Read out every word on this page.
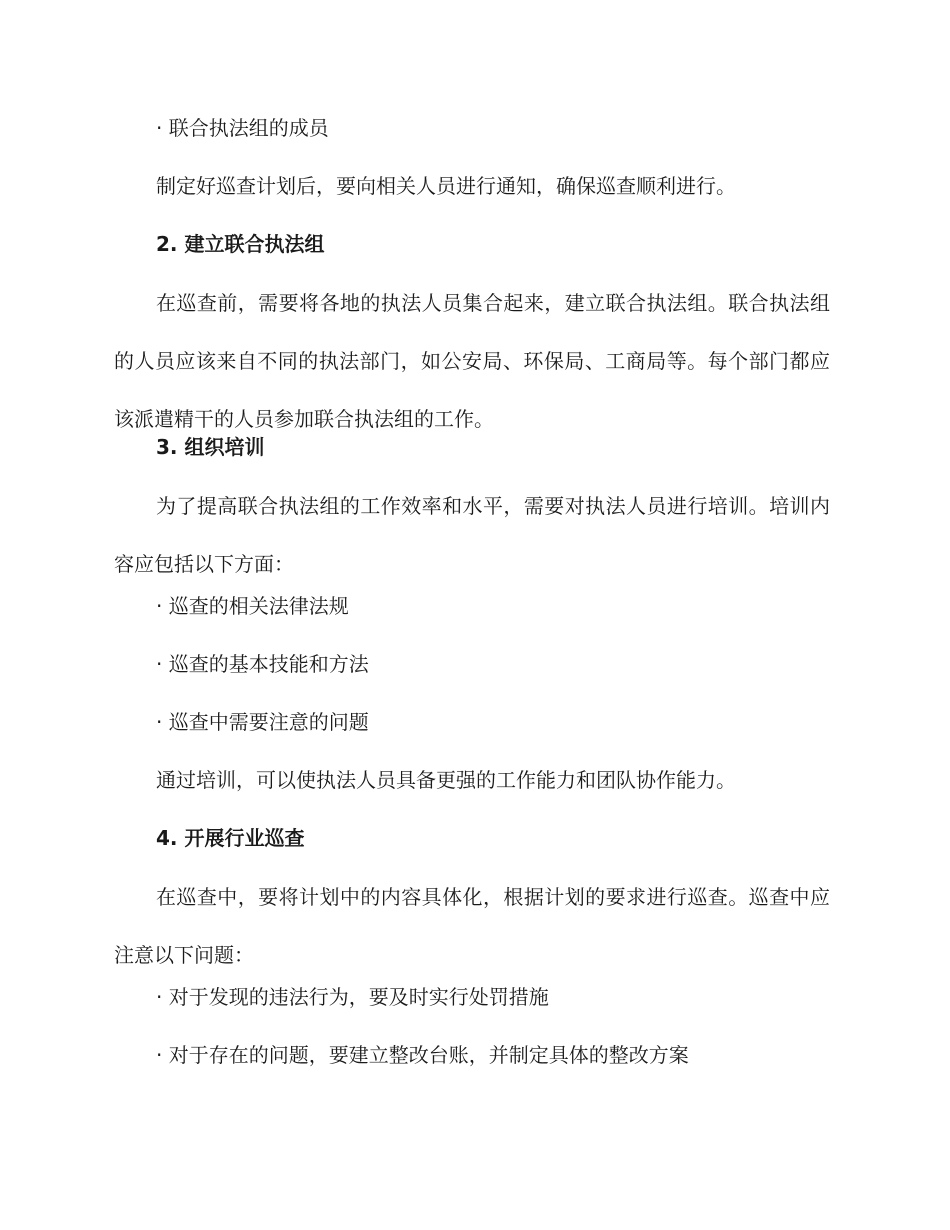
· 联合执法组的成员
制定好巡查计划后，要向相关人员进行通知，确保巡查顺利进行。
2. 建立联合执法组

在巡查前，需要将各地的执法人员集合起来，建立联合执法组。联合执法组的人员应该来自不同的执法部门，如公安局、环保局、工商局等。每个部门都应该派遣精干的人员参加联合执法组的工作。

3. 组织培训

为了提高联合执法组的工作效率和水平，需要对执法人员进行培训。培训内容应包括以下方面：

· 巡查的相关法律法规
· 巡查的基本技能和方法
· 巡查中需要注意的问题
通过培训，可以使执法人员具备更强的工作能力和团队协作能力。
4. 开展行业巡查

在巡查中，要将计划中的内容具体化，根据计划的要求进行巡查。巡查中应注意以下问题：

· 对于发现的违法行为，要及时实行处罚措施
· 对于存在的问题，要建立整改台账，并制定具体的整改方案
